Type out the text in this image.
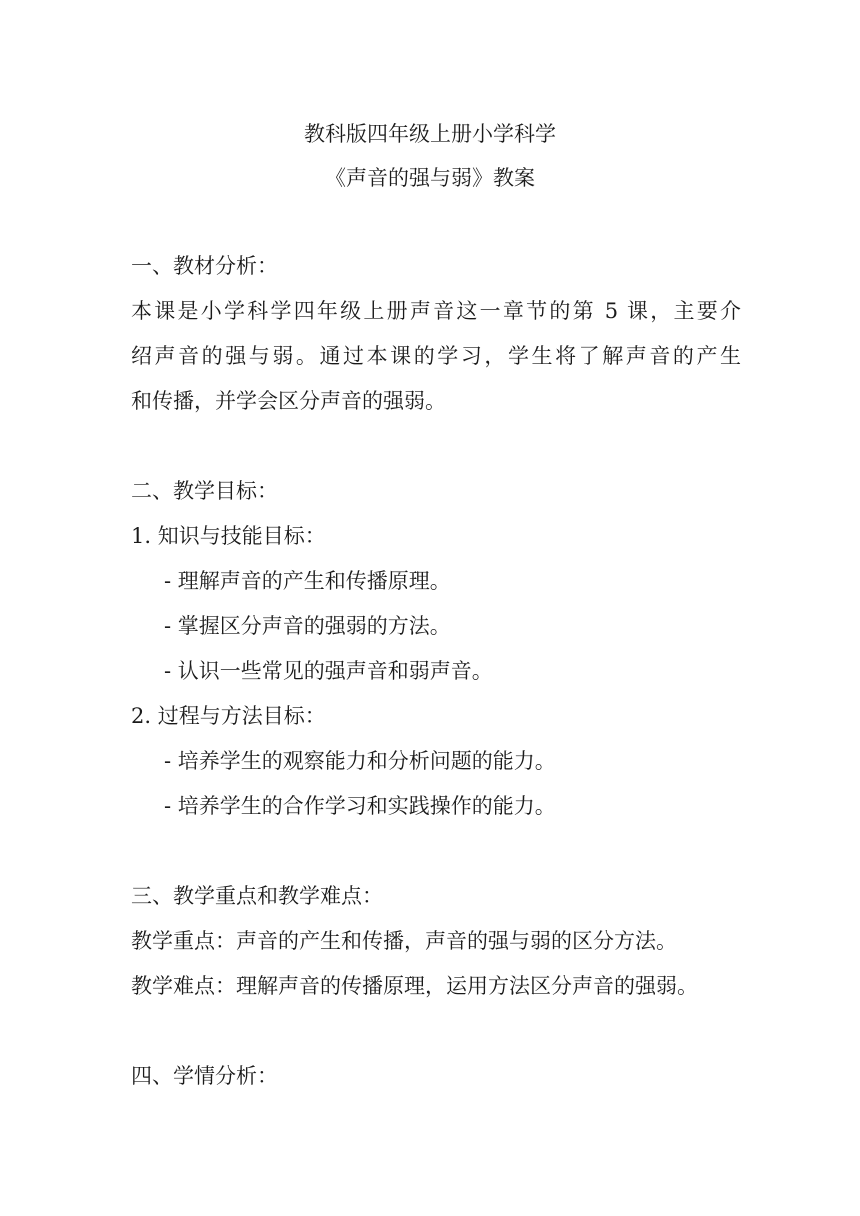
教科版四年级上册小学科学
《声音的强与弱》教案
一、教材分析：
本课是小学科学四年级上册声音这一章节的第 5 课，主要介
绍声音的强与弱。通过本课的学习，学生将了解声音的产生
和传播，并学会区分声音的强弱。
二、教学目标：
1. 知识与技能目标：
- 理解声音的产生和传播原理。
- 掌握区分声音的强弱的方法。
- 认识一些常见的强声音和弱声音。
2. 过程与方法目标：
- 培养学生的观察能力和分析问题的能力。
- 培养学生的合作学习和实践操作的能力。
三、教学重点和教学难点：
教学重点：声音的产生和传播，声音的强与弱的区分方法。
教学难点：理解声音的传播原理，运用方法区分声音的强弱。
四、学情分析：
